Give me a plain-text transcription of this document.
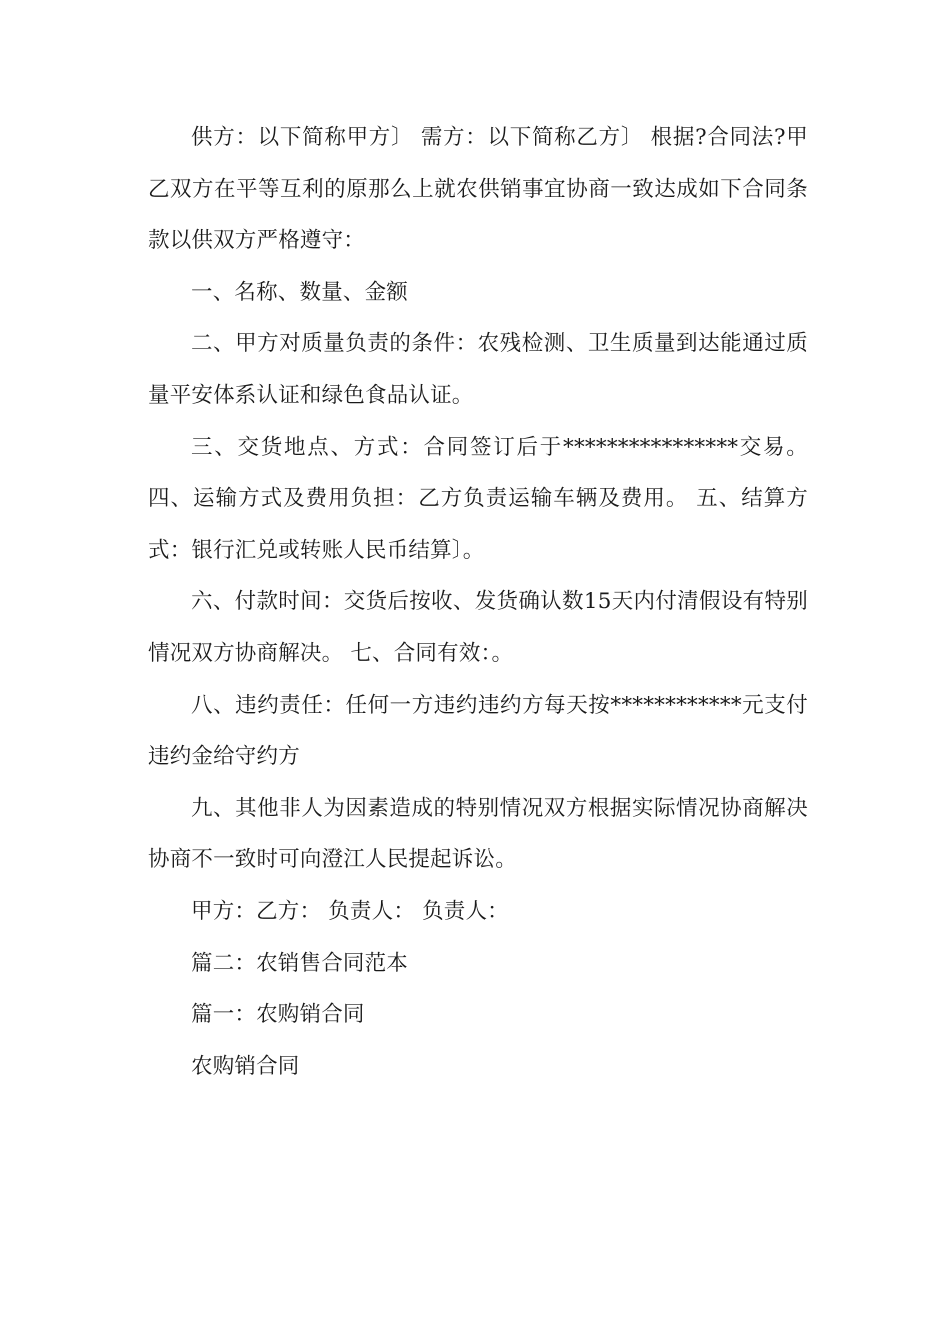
供方：以下简称甲方〕 需方：以下简称乙方〕 根据?合同法?甲乙双方在平等互利的原那么上就农供销事宜协商一致达成如下合同条款以供双方严格遵守：

一、名称、数量、金额

二、甲方对质量负责的条件：农残检测、卫生质量到达能通过质量平安体系认证和绿色食品认证。

三、交货地点、方式：合同签订后于****************交易。 四、运输方式及费用负担：乙方负责运输车辆及费用。 五、结算方式：银行汇兑或转账人民币结算〕。

六、付款时间：交货后按收、发货确认数15天内付清假设有特别情况双方协商解决。 七、合同有效：。

八、违约责任：任何一方违约违约方每天按************元支付违约金给守约方

九、其他非人为因素造成的特别情况双方根据实际情况协商解决协商不一致时可向澄江人民提起诉讼。

甲方：乙方： 负责人： 负责人：

篇二：农销售合同范本

篇一：农购销合同

农购销合同
